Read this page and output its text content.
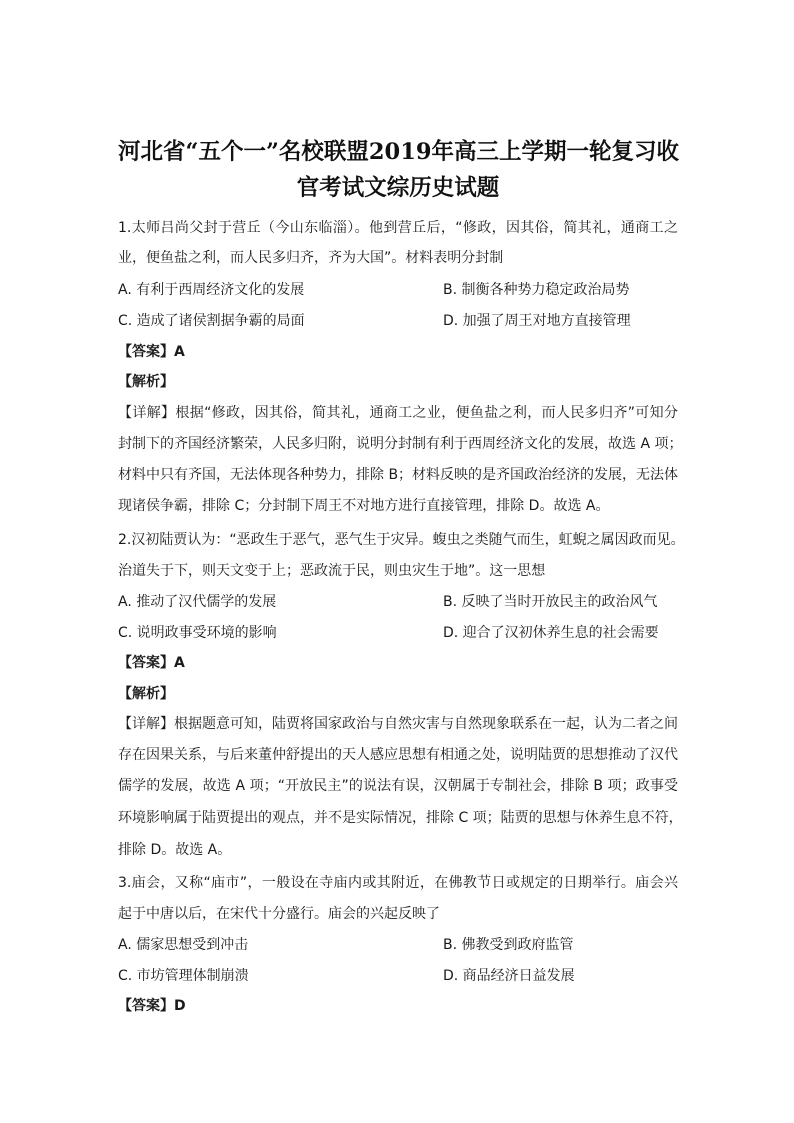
河北省“五个一”名校联盟2019年高三上学期一轮复习收
官考试文综历史试题
1.太师吕尚父封于营丘（今山东临淄）。他到营丘后，“修政，因其俗，简其礼，通商工之
业，便鱼盐之利，而人民多归齐，齐为大国”。材料表明分封制
A. 有利于西周经济文化的发展	B. 制衡各种势力稳定政治局势
C. 造成了诸侯割据争霸的局面	D. 加强了周王对地方直接管理
【答案】A
【解析】
【详解】根据“修政，因其俗，简其礼，通商工之业，便鱼盐之利，而人民多归齐”可知分
封制下的齐国经济繁荣，人民多归附，说明分封制有利于西周经济文化的发展，故选 A 项；
材料中只有齐国，无法体现各种势力，排除 B；材料反映的是齐国政治经济的发展，无法体
现诸侯争霸，排除 C；分封制下周王不对地方进行直接管理，排除 D。故选 A。
2.汉初陆贾认为：“恶政生于恶气，恶气生于灾异。蝮虫之类随气而生，虹蜺之属因政而见。
治道失于下，则天文变于上；恶政流于民，则虫灾生于地”。这一思想
A. 推动了汉代儒学的发展	B. 反映了当时开放民主的政治风气
C. 说明政事受环境的影响	D. 迎合了汉初休养生息的社会需要
【答案】A
【解析】
【详解】根据题意可知，陆贾将国家政治与自然灾害与自然现象联系在一起，认为二者之间
存在因果关系，与后来董仲舒提出的天人感应思想有相通之处，说明陆贾的思想推动了汉代
儒学的发展，故选 A 项；“开放民主”的说法有误，汉朝属于专制社会，排除 B 项；政事受
环境影响属于陆贾提出的观点，并不是实际情况，排除 C 项；陆贾的思想与休养生息不符，
排除 D。故选 A。
3.庙会，又称“庙市”，一般设在寺庙内或其附近，在佛教节日或规定的日期举行。庙会兴
起于中唐以后，在宋代十分盛行。庙会的兴起反映了
A. 儒家思想受到冲击	B. 佛教受到政府监管
C. 市坊管理体制崩溃	D. 商品经济日益发展
【答案】D
